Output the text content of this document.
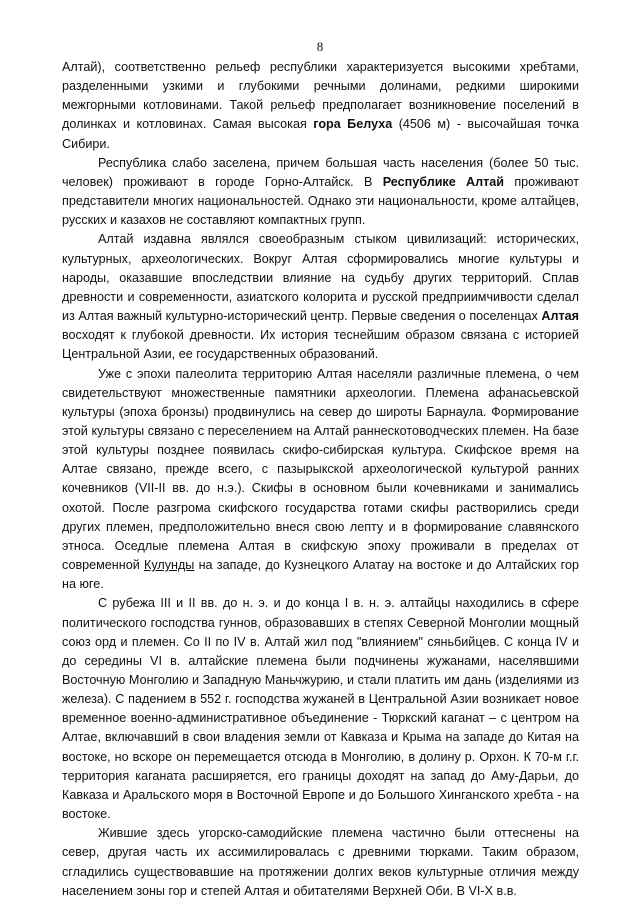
8

Алтай), соответственно рельеф республики характеризуется высокими хребтами, разделенными узкими и глубокими речными долинами, редкими широкими межгорными котловинами. Такой рельеф предполагает возникновение поселений в долинках и котловинах. Самая высокая гора Белуха (4506 м) - высочайшая точка Сибири.

Республика слабо заселена, причем большая часть населения (более 50 тыс. человек) проживают в городе Горно-Алтайск. В Республике Алтай проживают представители многих национальностей. Однако эти национальности, кроме алтайцев, русских и казахов не составляют компактных групп.

Алтай издавна являлся своеобразным стыком цивилизаций: исторических, культурных, археологических. Вокруг Алтая сформировались многие культуры и народы, оказавшие впоследствии влияние на судьбу других территорий. Сплав древности и современности, азиатского колорита и русской предприимчивости сделал из Алтая важный культурно-исторический центр. Первые сведения о поселенцах Алтая восходят к глубокой древности. Их история теснейшим образом связана с историей Центральной Азии, ее государственных образований.

Уже с эпохи палеолита территорию Алтая населяли различные племена, о чем свидетельствуют множественные памятники археологии. Племена афанасьевской культуры (эпоха бронзы) продвинулись на север до широты Барнаула. Формирование этой культуры связано с переселением на Алтай раннескотоводческих племен. На базе этой культуры позднее появилась скифо-сибирская культура. Скифское время на Алтае связано, прежде всего, с пазырыкской археологической культурой ранних кочевников (VII-II вв. до н.э.). Скифы в основном были кочевниками и занимались охотой. После разгрома скифского государства готами скифы растворились среди других племен, предположительно внеся свою лепту и в формирование славянского этноса. Оседлые племена Алтая в скифскую эпоху проживали в пределах от современной Кулунды на западе, до Кузнецкого Алатау на востоке и до Алтайских гор на юге.

С рубежа III и II вв. до н. э. и до конца I в. н. э. алтайцы находились в сфере политического господства гуннов, образовавших в степях Северной Монголии мощный союз орд и племен. Со II по IV в. Алтай жил под "влиянием" сяньбийцев. С конца IV и до середины VI в. алтайские племена были подчинены жужанами, населявшими Восточную Монголию и Западную Маньчжурию, и стали платить им дань (изделиями из железа). С падением в 552 г. господства жужаней в Центральной Азии возникает новое временное военно-административное объединение - Тюркский каганат – с центром на Алтае, включавший в свои владения земли от Кавказа и Крыма на западе до Китая на востоке, но вскоре он перемещается отсюда в Монголию, в долину р. Орхон. К 70-м г.г. территория каганата расширяется, его границы доходят на запад до Аму-Дарьи, до Кавказа и Аральского моря в Восточной Европе и до Большого Хинганского хребта - на востоке.

Жившие здесь угорско-самодийские племена частично были оттеснены на север, другая часть их ассимилировалась с древними тюрками. Таким образом, сгладились существовавшие на протяжении долгих веков культурные отличия между населением зоны гор и степей Алтая и обитателями Верхней Оби. В VI-X в.в.
